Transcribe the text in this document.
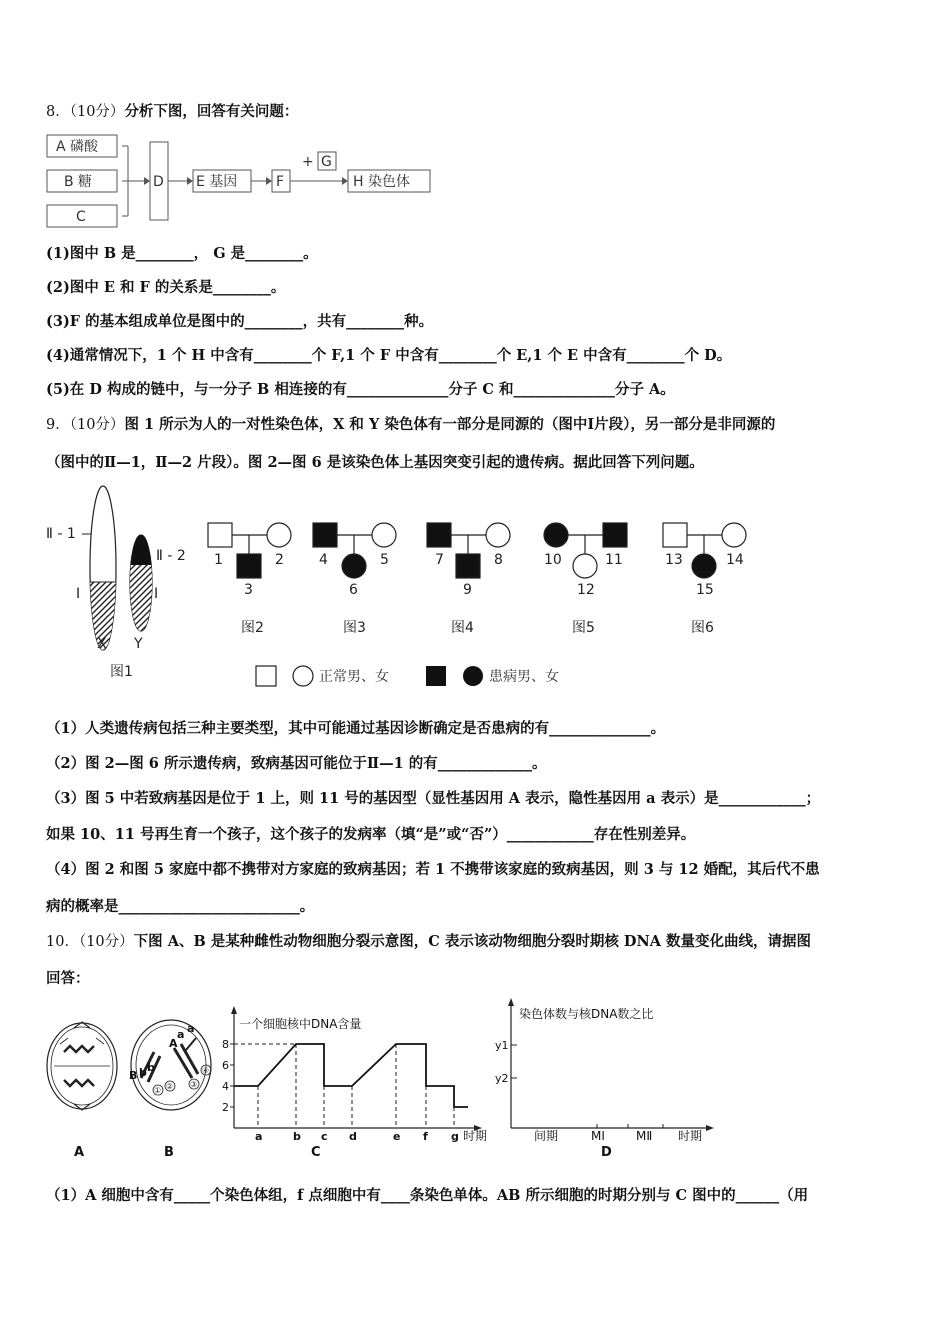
8．（10分）分析下图，回答有关问题：
A 磷酸
B 糖
C
D E 基因	F
+ G
H 染色体
(1)图中 B 是________， G 是________。
(2)图中 E 和 F 的关系是________。
(3)F 的基本组成单位是图中的________，共有________种。
(4)通常情况下，1 个 H 中含有________个 F,1 个 F 中含有________个 E,1 个 E 中含有________个 D。
(5)在 D 构成的链中，与一分子 B 相连接的有______________分子 C 和______________分子 A。
9．（10分）图 1 所示为人的一对性染色体，X 和 Y 染色体有一部分是同源的（图中Ⅰ片段），另一部分是非同源的
（图中的Ⅱ—1，Ⅱ—2 片段）。图 2—图 6 是该染色体上基因突变引起的遗传病。据此回答下列问题。
Ⅱ - 1
Ⅰ
Ⅱ - 2
Ⅰ
X Y
图1
1	2
3
4	5
6
7	8
9
10	11
12
13	14
15
图2	图3	图4	图5	图6
正常男、女	患病男、女
（1）人类遗传病包括三种主要类型，其中可能通过基因诊断确定是否患病的有______________。
（2）图 2—图 6 所示遗传病，致病基因可能位于Ⅱ—1 的有_____________。
（3）图 5 中若致病基因是位于 1 上，则 11 号的基因型（显性基因用 A 表示，隐性基因用 a 表示）是____________；
如果 10、11 号再生育一个孩子，这个孩子的发病率（填“是”或“否”）____________存在性别差异。
（4）图 2 和图 5 家庭中都不携带对方家庭的致病基因；若 1 不携带该家庭的致病基因，则 3 与 12 婚配，其后代不患
病的概率是_________________________。
10．（10分）下图 A、B 是某种雌性动物细胞分裂示意图，C 表示该动物细胞分裂时期核 DNA 数量变化曲线，请据图
回答：
B b b
A
a a
① ② ③
④
A	B	C	D
一个细胞核中DNA含量
时期
2
4
6
8
a	b c d	e f g
染色体数与核DNA数之比
y1
y2
间期	MⅠ	MⅡ 时期
（1）A 细胞中含有_____个染色体组，f 点细胞中有____条染色单体。AB 所示细胞的时期分别与 C 图中的______（用
